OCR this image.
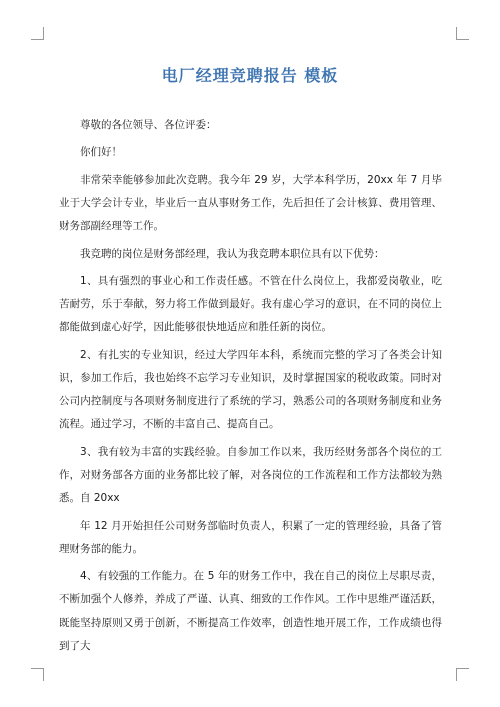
电厂经理竞聘报告 模板

尊敬的各位领导、各位评委：

你们好！

非常荣幸能够参加此次竞聘。我今年 29 岁，大学本科学历，20xx 年 7 月毕业于大学会计专业，毕业后一直从事财务工作，先后担任了会计核算、费用管理、财务部副经理等工作。

我竞聘的岗位是财务部经理，我认为我竞聘本职位具有以下优势：

1、具有强烈的事业心和工作责任感。不管在什么岗位上，我都爱岗敬业，吃苦耐劳，乐于奉献，努力将工作做到最好。我有虚心学习的意识，在不同的岗位上都能做到虚心好学，因此能够很快地适应和胜任新的岗位。

2、有扎实的专业知识，经过大学四年本科，系统而完整的学习了各类会计知识，参加工作后，我也始终不忘学习专业知识，及时掌握国家的税收政策。同时对公司内控制度与各项财务制度进行了系统的学习，熟悉公司的各项财务制度和业务流程。通过学习，不断的丰富自己、提高自己。

3、我有较为丰富的实践经验。自参加工作以来，我历经财务部各个岗位的工作，对财务部各方面的业务都比较了解，对各岗位的工作流程和工作方法都较为熟悉。自 20xx

年 12 月开始担任公司财务部临时负责人，积累了一定的管理经验，具备了管理财务部的能力。

4、有较强的工作能力。在 5 年的财务工作中，我在自己的岗位上尽职尽责，不断加强个人修养，养成了严谨、认真、细致的工作作风。工作中思维严谨活跃，既能坚持原则又勇于创新，不断提高工作效率，创造性地开展工作，工作成绩也得到了大
